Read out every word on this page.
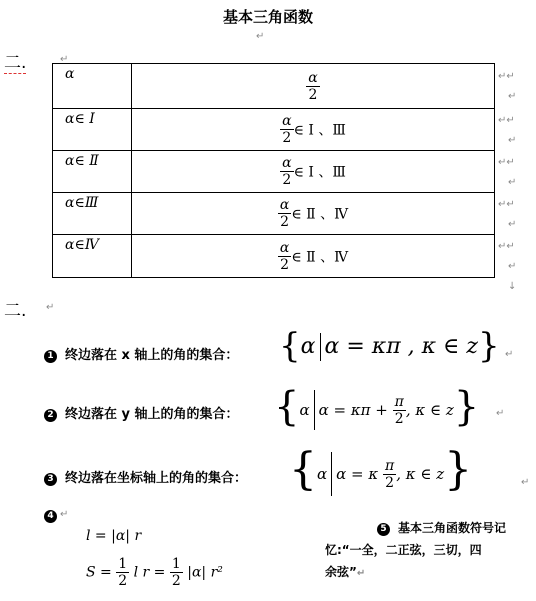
基本三角函数
↵
二.	↵
α	$\frac{\alpha}{2}$

α∈ Ⅰ	$\frac{\alpha}{2}$ ∈ Ⅰ 、Ⅲ
α∈ Ⅱ	$\frac{\alpha}{2}$ ∈ Ⅰ 、Ⅲ
α∈Ⅲ	$\frac{\alpha}{2}$ ∈ Ⅱ 、Ⅳ
α∈Ⅳ	$\frac{\alpha}{2}$ ∈ Ⅱ 、Ⅳ
↵↵
↵
↵↵
↵
↵↵
↵
↵↵
↵
↵↵
↵
↓
二. ↵
1 终边落在 x 轴上的角的集合： {α α = κπ , κ ∈ z} ↵
2 终边落在 y 轴上的角的集合： {α $\alpha = \kappa\pi + \frac{\pi}{2}$ , κ ∈ z} ↵
3 终边落在坐标轴上的角的集合： {α α = κ $\frac{\pi}{2}$ , κ ∈ z}	↵
4 ↵
l = |α| r
$S = \frac{1}{2}$ l $r = \frac{1}{2} |\alpha|$ r²
5 基本三角函数符号记
忆:“一全，二正弦，三切，四
余弦”↵
